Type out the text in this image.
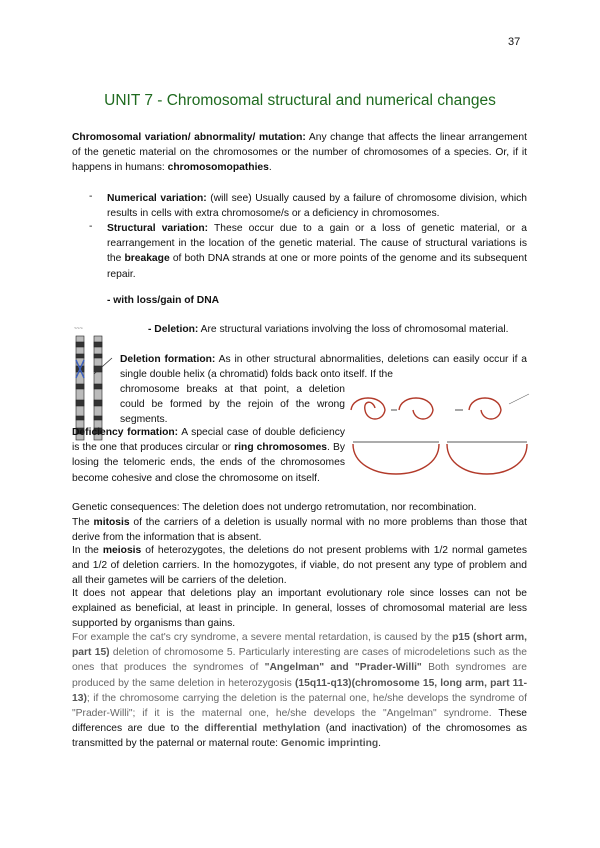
37
UNIT 7 - Chromosomal structural and numerical changes
Chromosomal variation/ abnormality/ mutation: Any change that affects the linear arrangement of the genetic material on the chromosomes or the number of chromosomes of a species. Or, if it happens in humans: chromosomopathies.
- Numerical variation: (will see) Usually caused by a failure of chromosome division, which results in cells with extra chromosome/s or a deficiency in chromosomes.
- Structural variation: These occur due to a gain or a loss of genetic material, or a rearrangement in the location of the genetic material. The cause of structural variations is the breakage of both DNA strands at one or more points of the genome and its subsequent repair.
- with loss/gain of DNA
~~~	- Deletion: Are structural variations involving the loss of chromosomal material.
Deletion formation: As in other structural abnormalities, deletions can easily occur if a single double helix (a chromatid) folds back onto itself. If the
chromosome breaks at that point, a deletion could be formed by the rejoin of the wrong segments.
Deficiency formation: A special case of double deficiency is the one that produces circular or ring chromosomes. By losing the telomeric ends, the ends of the chromosomes become cohesive and close the chromosome on itself.
Genetic consequences: The deletion does not undergo retromutation, nor recombination.
The mitosis of the carriers of a deletion is usually normal with no more problems than those that derive from the information that is absent.
In the meiosis of heterozygotes, the deletions do not present problems with 1/2 normal gametes and 1/2 of deletion carriers. In the homozygotes, if viable, do not present any type of problem and all their gametes will be carriers of the deletion.
It does not appear that deletions play an important evolutionary role since losses can not be explained as beneficial, at least in principle. In general, losses of chromosomal material are less supported by organisms than gains.
For example the cat's cry syndrome, a severe mental retardation, is caused by the p15 (short arm, part 15) deletion of chromosome 5. Particularly interesting are cases of microdeletions such as the ones that produces the syndromes of "Angelman" and "Prader-Willi" Both syndromes are produced by the same deletion in heterozygosis (15q11-q13)(chromosome 15, long arm, part 11-13); if the chromosome carrying the deletion is the paternal one, he/she develops the syndrome of "Prader-Willi"; if it is the maternal one, he/she develops the "Angelman" syndrome. These differences are due to the differential methylation (and inactivation) of the chromosomes as transmitted by the paternal or maternal route: Genomic imprinting.
